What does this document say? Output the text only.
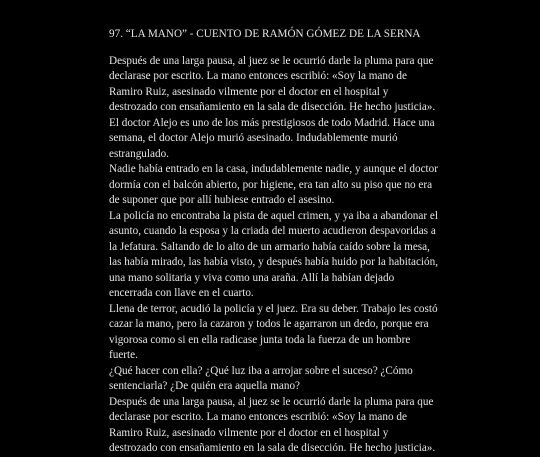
97. “LA MANO” - CUENTO DE RAMÓN GÓMEZ DE LA SERNA

Después de una larga pausa, al juez se le ocurrió darle la pluma para que declarase por escrito. La mano entonces escribió: «Soy la mano de Ramiro Ruiz, asesinado vilmente por el doctor en el hospital y destrozado con ensañamiento en la sala de disección. He hecho justicia».

El doctor Alejo es uno de los más prestigiosos de todo Madrid. Hace una semana, el doctor Alejo murió asesinado. Indudablemente murió estrangulado.

Nadie había entrado en la casa, indudablemente nadie, y aunque el doctor dormía con el balcón abierto, por higiene, era tan alto su piso que no era de suponer que por allí hubiese entrado el asesino.

La policía no encontraba la pista de aquel crimen, y ya iba a abandonar el asunto, cuando la esposa y la criada del muerto acudieron despavoridas a la Jefatura. Saltando de lo alto de un armario había caído sobre la mesa, las había mirado, las había visto, y después había huido por la habitación, una mano solitaria y viva como una araña. Allí la habían dejado encerrada con llave en el cuarto.

Llena de terror, acudió la policía y el juez. Era su deber. Trabajo les costó cazar la mano, pero la cazaron y todos le agarraron un dedo, porque era vigorosa como si en ella radicase junta toda la fuerza de un hombre fuerte.

¿Qué hacer con ella? ¿Qué luz iba a arrojar sobre el suceso? ¿Cómo sentenciarla? ¿De quién era aquella mano?

Después de una larga pausa, al juez se le ocurrió darle la pluma para que declarase por escrito. La mano entonces escribió: «Soy la mano de Ramiro Ruiz, asesinado vilmente por el doctor en el hospital y destrozado con ensañamiento en la sala de disección. He hecho justicia».
